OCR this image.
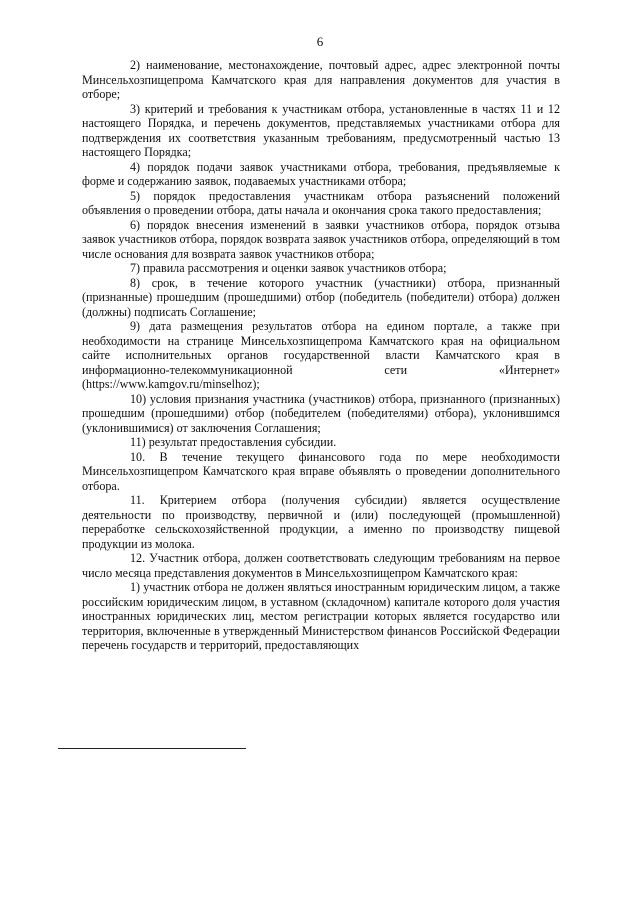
6

2) наименование, местонахождение, почтовый адрес, адрес электронной почты Минсельхозпищепрома Камчатского края для направления документов для участия в отборе;

3) критерий и требования к участникам отбора, установленные в частях 11 и 12 настоящего Порядка, и перечень документов, представляемых участниками отбора для подтверждения их соответствия указанным требованиям, предусмотренный частью 13 настоящего Порядка;

4) порядок подачи заявок участниками отбора, требования, предъявляемые к форме и содержанию заявок, подаваемых участниками отбора;

5) порядок предоставления участникам отбора разъяснений положений объявления о проведении отбора, даты начала и окончания срока такого предоставления;

6) порядок внесения изменений в заявки участников отбора, порядок отзыва заявок участников отбора, порядок возврата заявок участников отбора, определяющий в том числе основания для возврата заявок участников отбора;

7) правила рассмотрения и оценки заявок участников отбора;

8) срок, в течение которого участник (участники) отбора, признанный (признанные) прошедшим (прошедшими) отбор (победитель (победители) отбора) должен (должны) подписать Соглашение;

9) дата размещения результатов отбора на едином портале, а также при необходимости на странице Минсельхозпищепрома Камчатского края на официальном сайте исполнительных органов государственной власти Камчатского края в информационно-телекоммуникационной сети «Интернет» (https://www.kamgov.ru/minselhoz);

10) условия признания участника (участников) отбора, признанного (признанных) прошедшим (прошедшими) отбор (победителем (победителями) отбора), уклонившимся (уклонившимися) от заключения Соглашения;

11) результат предоставления субсидии.

10. В течение текущего финансового года по мере необходимости Минсельхозпищепром Камчатского края вправе объявлять о проведении дополнительного отбора.

11. Критерием отбора (получения субсидии) является осуществление деятельности по производству, первичной и (или) последующей (промышленной) переработке сельскохозяйственной продукции, а именно по производству пищевой продукции из молока.

12. Участник отбора, должен соответствовать следующим требованиям на первое число месяца представления документов в Минсельхозпищепром Камчатского края:

1) участник отбора не должен являться иностранным юридическим лицом, а также российским юридическим лицом, в уставном (складочном) капитале которого доля участия иностранных юридических лиц, местом регистрации которых является государство или территория, включенные в утвержденный Министерством финансов Российской Федерации перечень государств и территорий, предоставляющих
